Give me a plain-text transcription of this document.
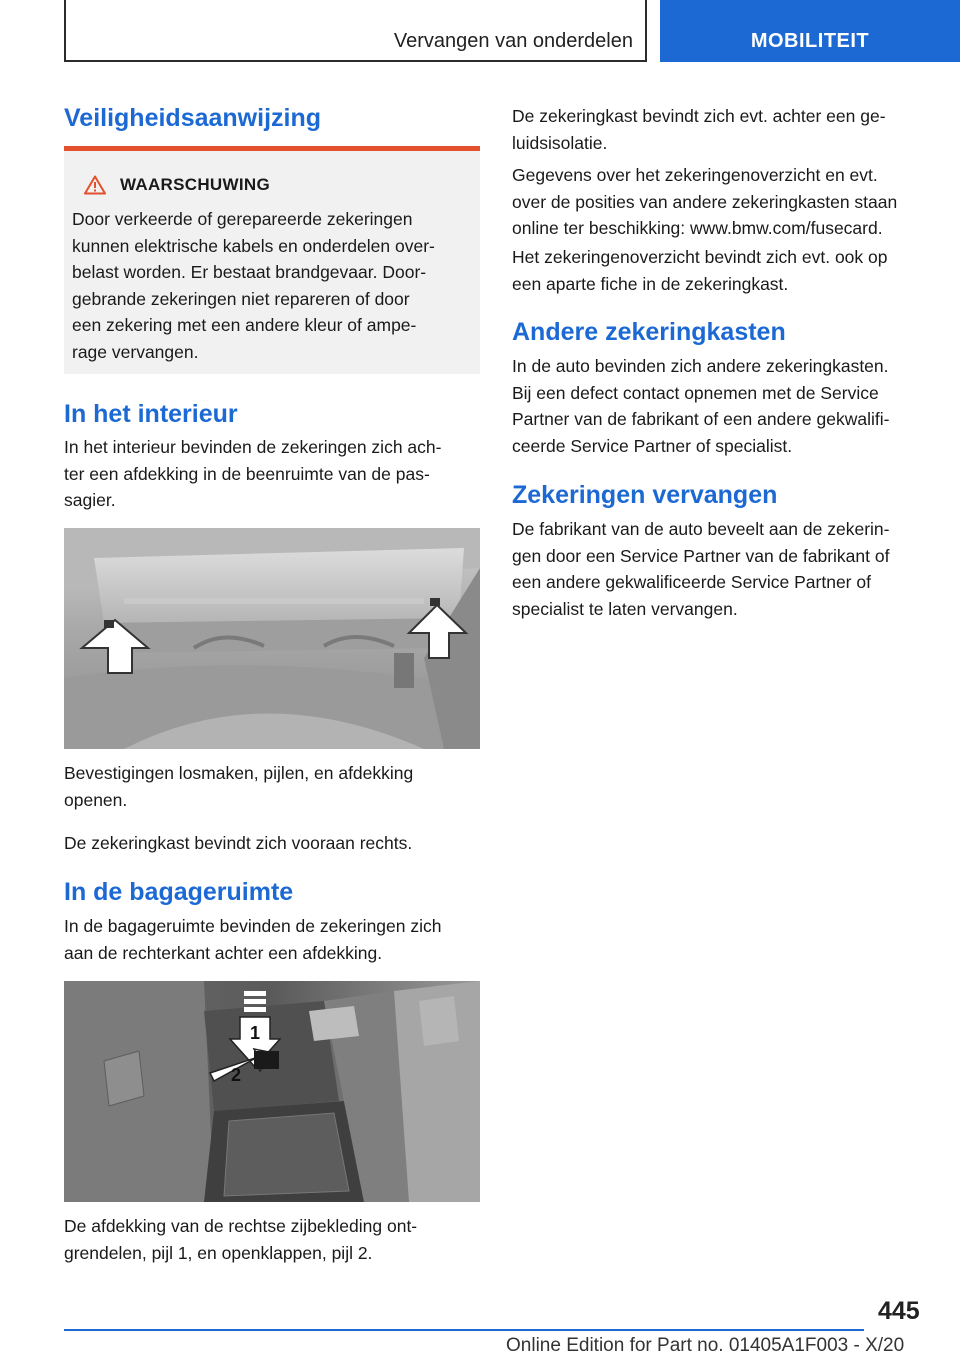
Vervangen van onderdelen	MOBILITEIT
Veiligheidsaanwijzing
WAARSCHUWING
Door verkeerde of gerepareerde zekeringen
kunnen elektrische kabels en onderdelen over‐
belast worden. Er bestaat brandgevaar. Door‐
gebrande zekeringen niet repareren of door
een zekering met een andere kleur of ampe‐
rage vervangen.
In het interieur
In het interieur bevinden de zekeringen zich ach‐
ter een afdekking in de beenruimte van de pas‐
sagier.
Bevestigingen losmaken, pijlen, en afdekking
openen.
De zekeringkast bevindt zich vooraan rechts.
In de bagageruimte
In de bagageruimte bevinden de zekeringen zich
aan de rechterkant achter een afdekking.
1
2
De afdekking van de rechtse zijbekleding ont‐
grendelen, pijl 1, en openklappen, pijl 2.
De zekeringkast bevindt zich evt. achter een ge‐
luidsisolatie.
Gegevens over het zekeringenoverzicht en evt.
over de posities van andere zekeringkasten staan
online ter beschikking: www.bmw.com/fusecard.
Het zekeringenoverzicht bevindt zich evt. ook op
een aparte fiche in de zekeringkast.
Andere zekeringkasten
In de auto bevinden zich andere zekeringkasten.
Bij een defect contact opnemen met de Service
Partner van de fabrikant of een andere gekwalifi‐
ceerde Service Partner of specialist.
Zekeringen vervangen
De fabrikant van de auto beveelt aan de zekerin‐
gen door een Service Partner van de fabrikant of
een andere gekwalificeerde Service Partner of
specialist te laten vervangen.
445
Online Edition for Part no. 01405A1F003 - X/20
